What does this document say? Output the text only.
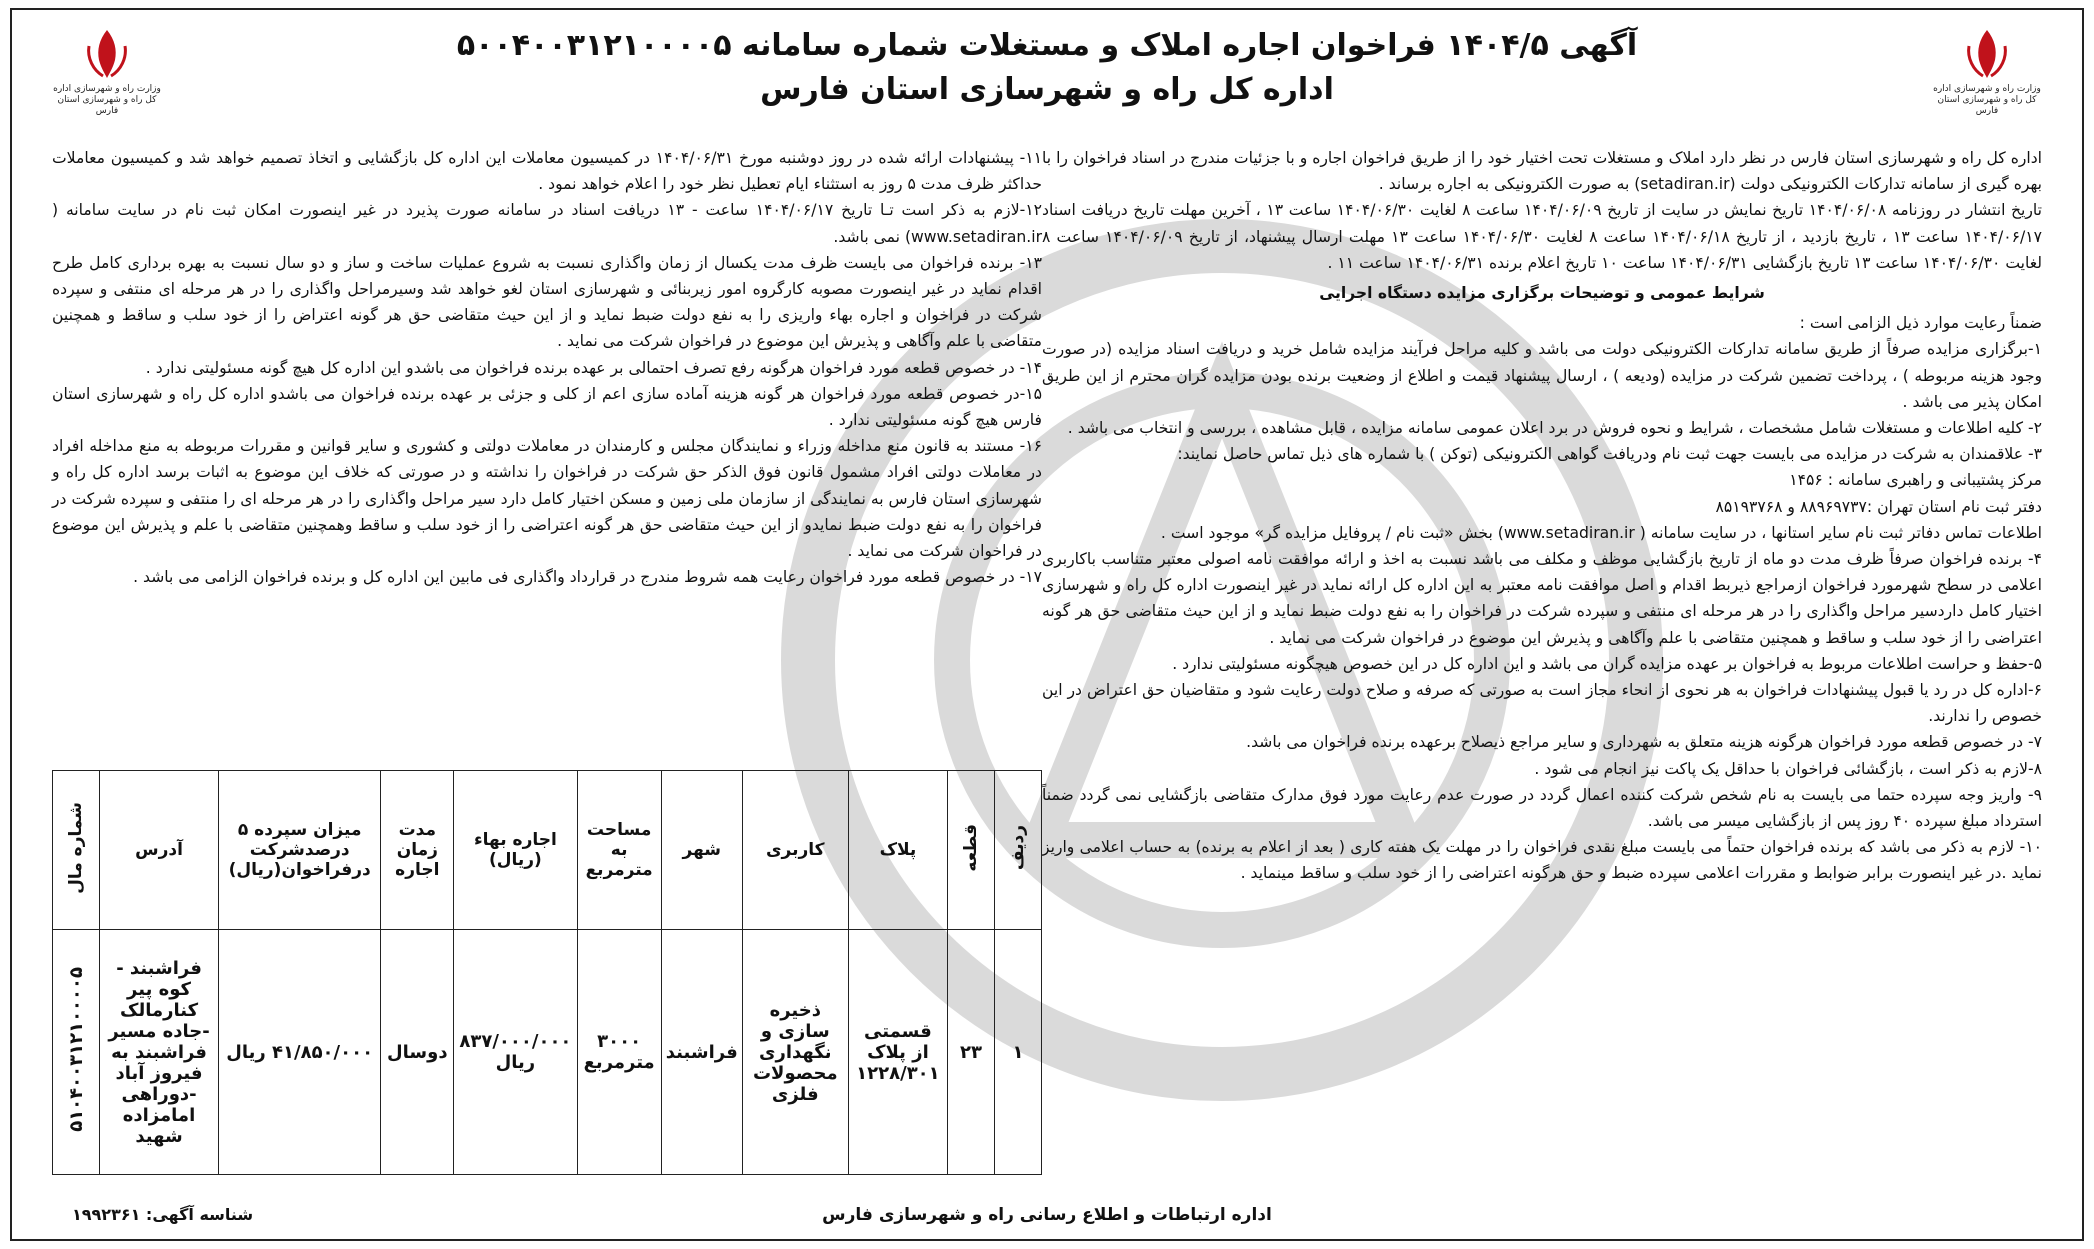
وزارت راه و شهرسازی اداره کل راه و شهرسازی استان فارس
وزارت راه و شهرسازی اداره کل راه و شهرسازی استان فارس
آگهی ۱۴۰۴/۵ فراخوان اجاره املاک و مستغلات شماره سامانه ۵۰۰۴۰۰۳۱۲۱۰۰۰۰۵
اداره کل راه و شهرسازی استان فارس

اداره کل راه و شهرسازی استان فارس در نظر دارد املاک و مستغلات تحت اختیار خود را از طریق فراخوان اجاره و با جزئیات مندرج در اسناد فراخوان را با بهره گیری از سامانه تدارکات الکترونیکی دولت (setadiran.ir) به صورت الکترونیکی به اجاره برساند .

تاریخ انتشار در روزنامه ۱۴۰۴/۰۶/۰۸ تاریخ نمایش در سایت از تاریخ ۱۴۰۴/۰۶/۰۹ ساعت ۸ لغایت ۱۴۰۴/۰۶/۳۰ ساعت ۱۳ ، آخرین مهلت تاریخ دریافت اسناد ۱۴۰۴/۰۶/۱۷ ساعت ۱۳ ، تاریخ بازدید ، از تاریخ ۱۴۰۴/۰۶/۱۸ ساعت ۸ لغایت ۱۴۰۴/۰۶/۳۰ ساعت ۱۳ مهلت ارسال پیشنهاد، از تاریخ ۱۴۰۴/۰۶/۰۹ ساعت ۸ لغایت ۱۴۰۴/۰۶/۳۰ ساعت ۱۳ تاریخ بازگشایی ۱۴۰۴/۰۶/۳۱ ساعت ۱۰ تاریخ اعلام برنده ۱۴۰۴/۰۶/۳۱ ساعت ۱۱ .

شرایط عمومی و توضیحات برگزاری مزایده دستگاه اجرایی

ضمناً رعایت موارد ذیل الزامی است :

۱-برگزاری مزایده صرفاً از طریق سامانه تدارکات الکترونیکی دولت می باشد و کلیه مراحل فرآیند مزایده شامل خرید و دریافت اسناد مزایده (در صورت وجود هزینه مربوطه ) ، پرداخت تضمین شرکت در مزایده (ودیعه ) ، ارسال پیشنهاد قیمت و اطلاع از وضعیت برنده بودن مزایده گران محترم از این طریق امکان پذیر می باشد .

۲- کلیه اطلاعات و مستغلات شامل مشخصات ، شرایط و نحوه فروش در برد اعلان عمومی سامانه مزایده ، قابل مشاهده ، بررسی و انتخاب می باشد .

۳- علاقمندان به شرکت در مزایده می بایست جهت ثبت نام ودریافت گواهی الکترونیکی (توکن ) با شماره های ذیل تماس حاصل نمایند:

مرکز پشتیبانی و راهبری سامانه : ۱۴۵۶

دفتر ثبت نام استان تهران :۸۸۹۶۹۷۳۷ و ۸۵۱۹۳۷۶۸

اطلاعات تماس دفاتر ثبت نام سایر استانها ، در سایت سامانه ( www.setadiran.ir) بخش «ثبت نام / پروفایل مزایده گر» موجود است .

۴- برنده فراخوان صرفاً ظرف مدت دو ماه از تاریخ بازگشایی موظف و مکلف می باشد نسبت به اخذ و ارائه موافقت نامه اصولی معتبر متناسب باکاربری اعلامی در سطح شهرمورد فراخوان ازمراجع ذیربط اقدام و اصل موافقت نامه معتبر به این اداره کل ارائه نماید در غیر اینصورت اداره کل راه و شهرسازی اختیار کامل داردسیر مراحل واگذاری را در هر مرحله ای منتفی و سپرده شرکت در فراخوان را به نفع دولت ضبط نماید و از این حیث متقاضی حق هر گونه اعتراضی را از خود سلب و ساقط و همچنین متقاضی با علم وآگاهی و پذیرش این موضوع در فراخوان شرکت می نماید .

۵-حفظ و حراست اطلاعات مربوط به فراخوان بر عهده مزایده گران می باشد و این اداره کل در این خصوص هیچگونه مسئولیتی ندارد .

۶-اداره کل در رد یا قبول پیشنهادات فراخوان به هر نحوی از انحاء مجاز است به صورتی که صرفه و صلاح دولت رعایت شود و متقاضیان حق اعتراض در این خصوص را ندارند.

۷- در خصوص قطعه مورد فراخوان هرگونه هزینه متعلق به شهرداری و سایر مراجع ذیصلاح برعهده برنده فراخوان می باشد.

۸-لازم به ذکر است ، بازگشائی فراخوان با حداقل یک پاکت نیز انجام می شود .

۹- واریز وجه سپرده حتما می بایست به نام شخص شرکت کننده اعمال گردد در صورت عدم رعایت مورد فوق مدارک متقاضی بازگشایی نمی گردد ضمناً استرداد مبلغ سپرده ۴۰ روز پس از بازگشایی میسر می باشد.

۱۰- لازم به ذکر می باشد که برنده فراخوان حتماً می بایست مبلغ نقدی فراخوان را در مهلت یک هفته کاری ( بعد از اعلام به برنده) به حساب اعلامی واریز نماید .در غیر اینصورت برابر ضوابط و مقررات اعلامی سپرده ضبط و حق هرگونه اعتراضی را از خود سلب و ساقط مینماید .

۱۱- پیشنهادات ارائه شده در روز دوشنبه مورخ ۱۴۰۴/۰۶/۳۱ در کمیسیون معاملات این اداره کل بازگشایی و اتخاذ تصمیم خواهد شد و کمیسیون معاملات حداکثر ظرف مدت ۵ روز به استثناء ایام تعطیل نظر خود را اعلام خواهد نمود .

۱۲-لازم به ذکر است تـا تاریخ ۱۴۰۴/۰۶/۱۷ ساعت - ۱۳ دریافت اسناد در سامانه صورت پذیرد در غیر اینصورت امکان ثبت نام در سایت سامانه ( www.setadiran.ir) نمی باشد.

۱۳- برنده فراخوان می بایست ظرف مدت یکسال از زمان واگذاری نسبت به شروع عملیات ساخت و ساز و دو سال نسبت به بهره برداری کامل طرح اقدام نماید در غیر اینصورت مصوبه کارگروه امور زیربنائی و شهرسازی استان لغو خواهد شد وسیرمراحل واگذاری را در هر مرحله ای منتفی و سپرده شرکت در فراخوان و اجاره بهاء واریزی را به نفع دولت ضبط نماید و از این حیث متقاضی حق هر گونه اعتراض را از خود سلب و ساقط و همچنین متقاضی با علم وآگاهی و پذیرش این موضوع در فراخوان شرکت می نماید .

۱۴- در خصوص قطعه مورد فراخوان هرگونه رفع تصرف احتمالی بر عهده برنده فراخوان می باشدو این اداره کل هیچ گونه مسئولیتی ندارد .

۱۵-در خصوص قطعه مورد فراخوان هر گونه هزینه آماده سازی اعم از کلی و جزئی بر عهده برنده فراخوان می باشدو اداره کل راه و شهرسازی استان فارس هیچ گونه مسئولیتی ندارد .

۱۶- مستند به قانون منع مداخله وزراء و نمایندگان مجلس و کارمندان در معاملات دولتی و کشوری و سایر قوانین و مقررات مربوطه به منع مداخله افراد در معاملات دولتی افراد مشمول قانون فوق الذکر حق شرکت در فراخوان را نداشته و در صورتی که خلاف این موضوع به اثبات برسد اداره کل راه و شهرسازی استان فارس به نمایندگی از سازمان ملی زمین و مسکن اختیار کامل دارد سیر مراحل واگذاری را در هر مرحله ای را منتفی و سپرده شرکت در فراخوان را به نفع دولت ضبط نمایدو از این حیث متقاضی حق هر گونه اعتراضی را از خود سلب و ساقط وهمچنین متقاضی با علم و پذیرش این موضوع در فراخوان شرکت می نماید .

۱۷- در خصوص قطعه مورد فراخوان رعایت همه شروط مندرج در قرارداد واگذاری فی مابین این اداره کل و برنده فراخوان الزامی می باشد .

ردیف	قطعه	پلاک	کاربری	شهر	مساحت به مترمربع	اجاره بهاء (ریال)	مدت زمان اجاره	میزان سپرده ۵ درصدشرکت درفراخوان(ریال)	آدرس	شماره مال
۱	۲۳	قسمتی از پلاک ۱۲۲۸/۳۰۱	ذخیره سازی و نگهداری محصولات فلزی	فراشبند	۳۰۰۰ مترمربع	۸۳۷/۰۰۰/۰۰۰ ریال	دوسال	۴۱/۸۵۰/۰۰۰ ریال	فراشبند - کوه پیر کنارمالک -جاده مسیر فراشبند به فیروز آباد -دوراهی امامزاده شهید	۵۱۰۴۰۰۳۱۲۱۰۰۰۰۵
اداره ارتباطات و اطلاع رسانی راه و شهرسازی فارس
شناسه آگهی: ۱۹۹۲۳۶۱
